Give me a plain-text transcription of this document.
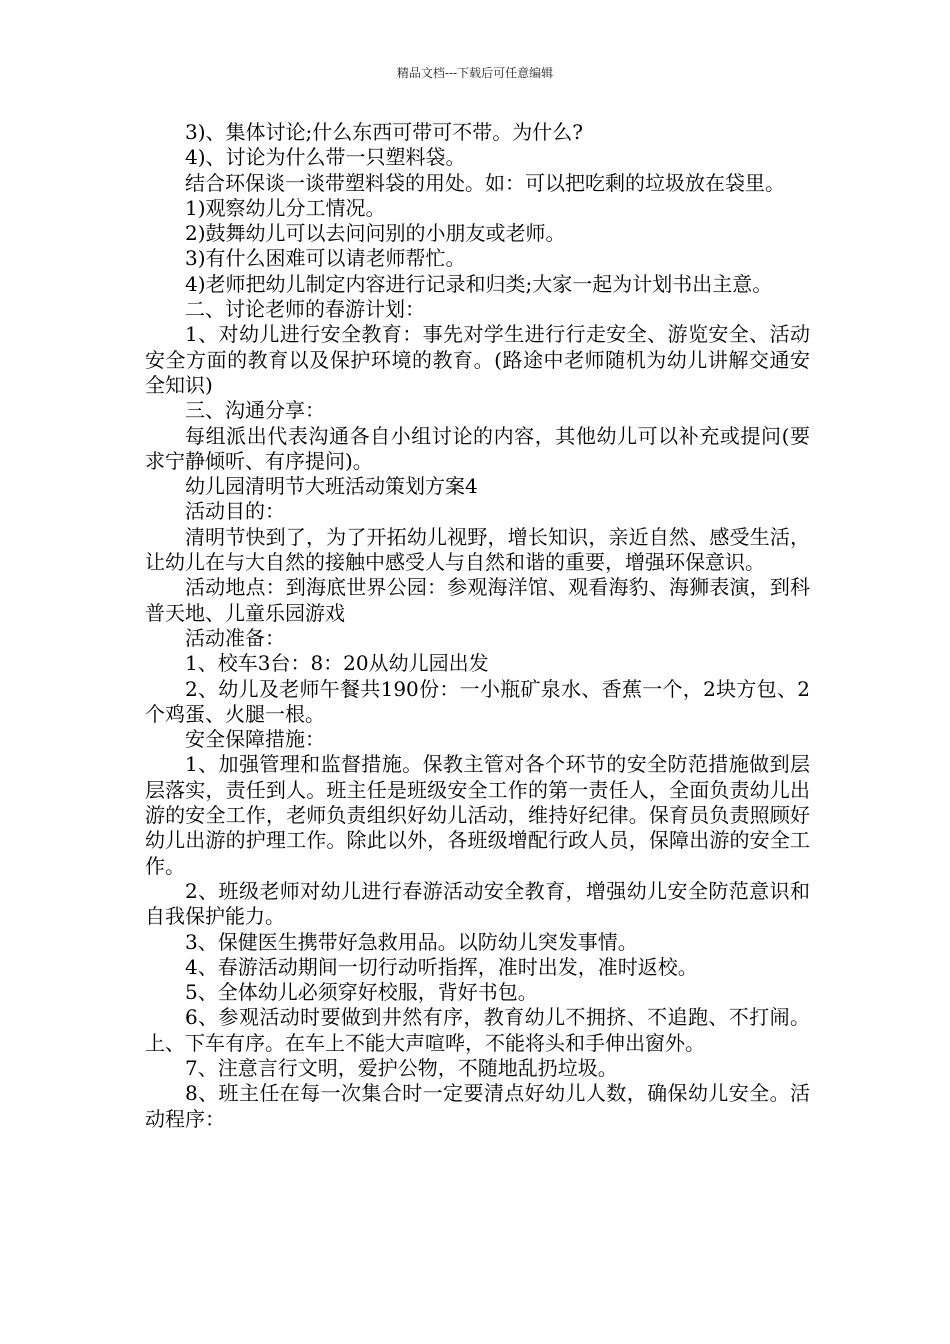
精品文档---下载后可任意编辑

3)、集体讨论;什么东西可带可不带。为什么?

4)、讨论为什么带一只塑料袋。

结合环保谈一谈带塑料袋的用处。如：可以把吃剩的垃圾放在袋里。

1)观察幼儿分工情况。

2)鼓舞幼儿可以去问问别的小朋友或老师。

3)有什么困难可以请老师帮忙。

4)老师把幼儿制定内容进行记录和归类;大家一起为计划书出主意。

二、讨论老师的春游计划：

1、对幼儿进行安全教育：事先对学生进行行走安全、游览安全、活动安全方面的教育以及保护环境的教育。(路途中老师随机为幼儿讲解交通安全知识)

三、沟通分享：

每组派出代表沟通各自小组讨论的内容，其他幼儿可以补充或提问(要求宁静倾听、有序提问)。

幼儿园清明节大班活动策划方案4

活动目的：

清明节快到了，为了开拓幼儿视野，增长知识，亲近自然、感受生活，让幼儿在与大自然的接触中感受人与自然和谐的重要，增强环保意识。

活动地点：到海底世界公园：参观海洋馆、观看海豹、海狮表演，到科普天地、儿童乐园游戏

活动准备：

1、校车3台：8：20从幼儿园出发

2、幼儿及老师午餐共190份：一小瓶矿泉水、香蕉一个，2块方包、2个鸡蛋、火腿一根。

安全保障措施：

1、加强管理和监督措施。保教主管对各个环节的安全防范措施做到层层落实，责任到人。班主任是班级安全工作的第一责任人，全面负责幼儿出游的安全工作，老师负责组织好幼儿活动，维持好纪律。保育员负责照顾好幼儿出游的护理工作。除此以外，各班级增配行政人员，保障出游的安全工作。

2、班级老师对幼儿进行春游活动安全教育，增强幼儿安全防范意识和自我保护能力。

3、保健医生携带好急救用品。以防幼儿突发事情。

4、春游活动期间一切行动听指挥，准时出发，准时返校。

5、全体幼儿必须穿好校服，背好书包。

6、参观活动时要做到井然有序，教育幼儿不拥挤、不追跑、不打闹。上、下车有序。在车上不能大声喧哗，不能将头和手伸出窗外。

7、注意言行文明，爱护公物，不随地乱扔垃圾。

8、班主任在每一次集合时一定要清点好幼儿人数，确保幼儿安全。活动程序：
